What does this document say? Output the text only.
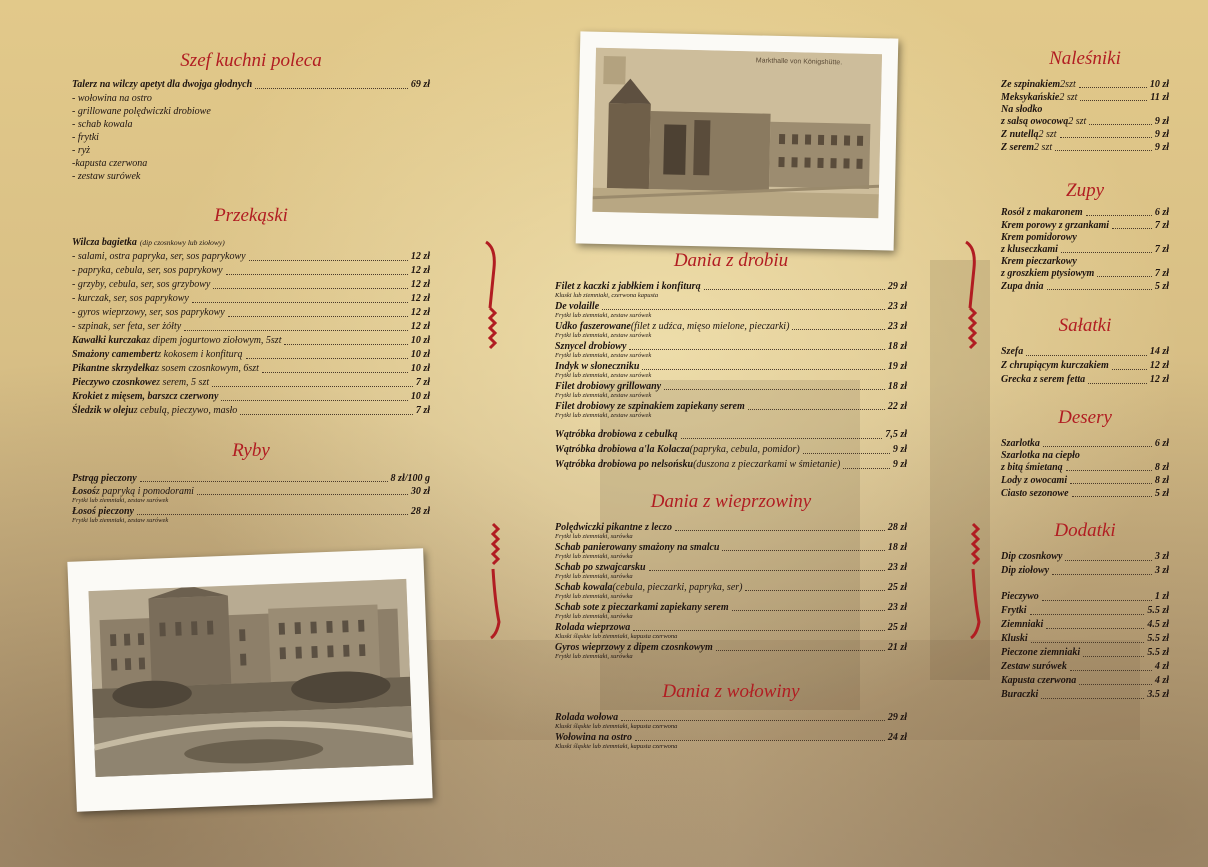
Szef kuchni poleca
Talerz na wilczy apetyt dla dwojga głodnych	69 zł
- wołowina na ostro
- grillowane polędwiczki drobiowe
- schab kowala
- frytki
- ryż
-kapusta czerwona
- zestaw surówek
Przekąski
Wilcza bagietka (dip czosnkowy lub ziołowy)
- salami, ostra papryka, ser, sos paprykowy	12 zł
- papryka, cebula, ser, sos paprykowy	12 zł
- grzyby, cebula, ser, sos grzybowy	12 zł
- kurczak, ser, sos paprykowy	12 zł
- gyros wieprzowy, ser, sos paprykowy	12 zł
- szpinak, ser feta, ser żółty	12 zł
Kawałki kurczaka z dipem jogurtowo ziołowym, 5szt	10 zł
Smażony camembert z kokosem i konfiturą	10 zł
Pikantne skrzydełka z sosem czosnkowym, 6szt	10 zł
Pieczywo czosnkowe z serem, 5 szt	7 zł
Krokiet z mięsem, barszcz czerwony	10 zł
Śledzik w oleju z cebulą, pieczywo, masło	7 zł
Ryby
Pstrąg pieczony	8 zł/100 g
Łosoś z papryką i pomodorami	30 zł
Frytki lub ziemniaki, zestaw surówek
Łosoś pieczony	28 zł
Frytki lub ziemniaki, zestaw surówek
Markthalle von Königshütte.
Dania z drobiu
Filet z kaczki z jabłkiem i konfiturą	29 zł
Kluski lub ziemniaki, czerwona kapusta
De volaille	23 zł
Frytki lub ziemniaki, zestaw surówek
Udko faszerowane (filet z udźca, mięso mielone, pieczarki)	23 zł
Frytki lub ziemniaki, zestaw surówek
Sznycel drobiowy	18 zł
Frytki lub ziemniaki, zestaw surówek
Indyk w słoneczniku	19 zł
Frytki lub ziemniaki, zestaw surówek
Filet drobiowy grillowany	18 zł
Frytki lub ziemniaki, zestaw surówek
Filet drobiowy ze szpinakiem zapiekany serem	22 zł
Frytki lub ziemniaki, zestaw surówek
Wątróbka drobiowa z cebulką	7,5 zł
Wątróbka drobiowa a'la Kolacza (papryka, cebula, pomidor)	9 zł
Wątróbka drobiowa po nelsońsku (duszona z pieczarkami w śmietanie)	9 zł
Dania z wieprzowiny
Polędwiczki pikantne z leczo	28 zł
Frytki lub ziemniaki, surówka
Schab panierowany smażony na smalcu	18 zł
Frytki lub ziemniaki, surówka
Schab po szwajcarsku	23 zł
Frytki lub ziemniaki, surówka
Schab kowala (cebula, pieczarki, papryka, ser)	25 zł
Frytki lub ziemniaki, surówka
Schab sote z pieczarkami zapiekany serem	23 zł
Frytki lub ziemniaki, surówka
Rolada wieprzowa	25 zł
Kluski śląskie lub ziemniaki, kapusta czerwona
Gyros wieprzowy z dipem czosnkowym	21 zł
Frytki lub ziemniaki, surówka
Dania z wołowiny
Rolada wołowa	29 zł
Kluski śląskie lub ziemniaki, kapusta czerwona
Wołowina na ostro	24 zł
Kluski śląskie lub ziemniaki, kapusta czerwona
Naleśniki
Ze szpinakiem 2szt	10 zł
Meksykańskie 2 szt	11 zł
Na słodko
z salsą owocową 2 szt	9 zł
Z nutellą 2 szt	9 zł
Z serem 2 szt	9 zł
Zupy
Rosół z makaronem	6 zł
Krem porowy z grzankami	7 zł
Krem pomidorowy
z kluseczkami	7 zł
Krem pieczarkowy
z groszkiem ptysiowym	7 zł
Zupa dnia	5 zł
Sałatki
Szefa	14 zł
Z chrupiącym kurczakiem	12 zł
Grecka z serem fetta	12 zł
Desery
Szarlotka	6 zł
Szarlotka na ciepło
z bitą śmietaną	8 zł
Lody z owocami	8 zł
Ciasto sezonowe	5 zł
Dodatki
Dip czosnkowy	3 zł
Dip ziołowy	3 zł
Pieczywo	1 zł
Frytki	5.5 zł
Ziemniaki	4.5 zł
Kluski	5.5 zł
Pieczone ziemniaki	5.5 zł
Zestaw surówek	4 zł
Kapusta czerwona	4 zł
Buraczki	3.5 zł
